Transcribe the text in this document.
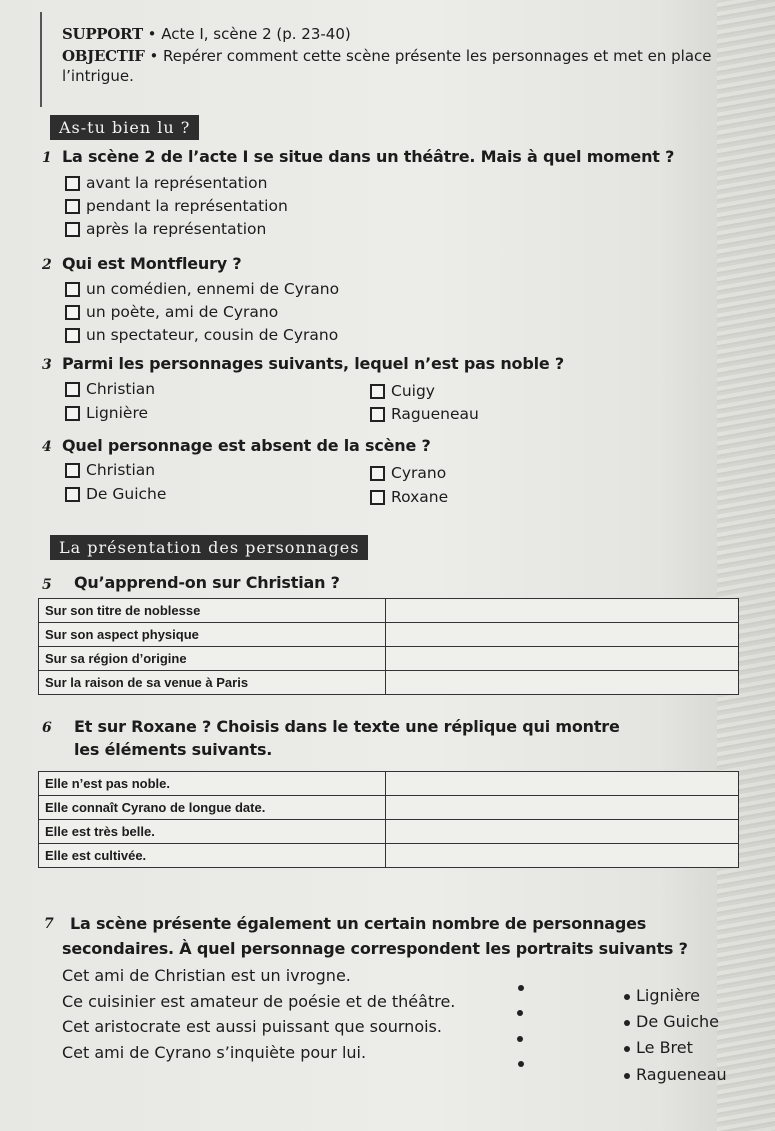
SUPPORT • Acte I, scène 2 (p. 23-40)
OBJECTIF • Repérer comment cette scène présente les personnages et met en place
l’intrigue.
As-tu bien lu ?
1 La scène 2 de l’acte I se situe dans un théâtre. Mais à quel moment ?
avant la représentation
pendant la représentation
après la représentation
2 Qui est Montfleury ?
un comédien, ennemi de Cyrano
un poète, ami de Cyrano
un spectateur, cousin de Cyrano
3 Parmi les personnages suivants, lequel n’est pas noble ?
Christian	Cuigy
Lignière	Ragueneau
4 Quel personnage est absent de la scène ?
Christian	Cyrano
De Guiche	Roxane
La présentation des personnages
5 Qu’apprend-on sur Christian ?
Sur son titre de noblesse	
Sur son aspect physique	
Sur sa région d’origine	
Sur la raison de sa venue à Paris	
6 Et sur Roxane ? Choisis dans le texte une réplique qui montre
les éléments suivants.
Elle n’est pas noble.	
Elle connaît Cyrano de longue date.	
Elle est très belle.	
Elle est cultivée.	
7 La scène présente également un certain nombre de personnages
secondaires. À quel personnage correspondent les portraits suivants ?
Cet ami de Christian est un ivrogne.
Ce cuisinier est amateur de poésie et de théâtre.
Cet aristocrate est aussi puissant que sournois.
Cet ami de Cyrano s’inquiète pour lui.
Lignière
De Guiche
Le Bret
Ragueneau
